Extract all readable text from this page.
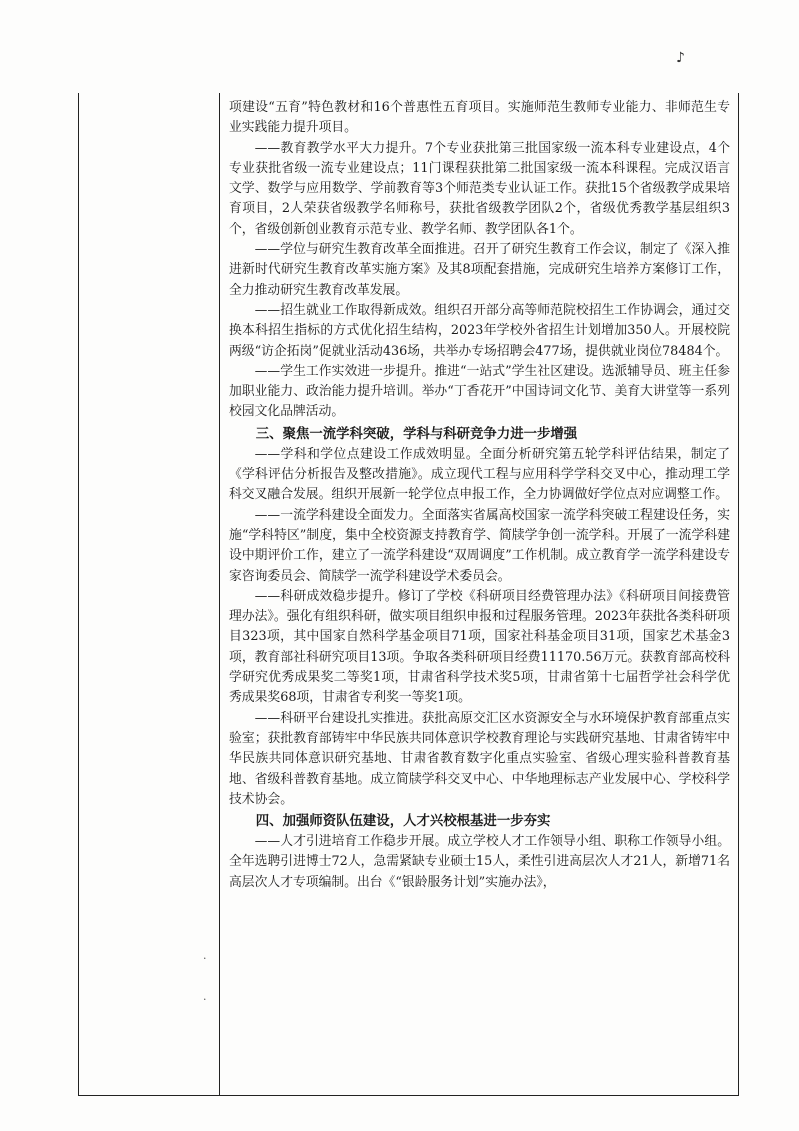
♪
·
·

项建设“五育”特色教材和16个普惠性五育项目。实施师范生教师专业能力、非师范生专业实践能力提升项目。

——教育教学水平大力提升。7个专业获批第三批国家级一流本科专业建设点，4个专业获批省级一流专业建设点；11门课程获批第二批国家级一流本科课程。完成汉语言文学、数学与应用数学、学前教育等3个师范类专业认证工作。获批15个省级教学成果培育项目，2人荣获省级教学名师称号，获批省级教学团队2个，省级优秀教学基层组织3个，省级创新创业教育示范专业、教学名师、教学团队各1个。

——学位与研究生教育改革全面推进。召开了研究生教育工作会议，制定了《深入推进新时代研究生教育改革实施方案》及其8项配套措施，完成研究生培养方案修订工作，全力推动研究生教育改革发展。

——招生就业工作取得新成效。组织召开部分高等师范院校招生工作协调会，通过交换本科招生指标的方式优化招生结构，2023年学校外省招生计划增加350人。开展校院两级“访企拓岗”促就业活动436场，共举办专场招聘会477场，提供就业岗位78484个。

——学生工作实效进一步提升。推进“一站式”学生社区建设。选派辅导员、班主任参加职业能力、政治能力提升培训。举办“丁香花开”中国诗词文化节、美育大讲堂等一系列校园文化品牌活动。

三、聚焦一流学科突破，学科与科研竞争力进一步增强

——学科和学位点建设工作成效明显。全面分析研究第五轮学科评估结果，制定了《学科评估分析报告及整改措施》。成立现代工程与应用科学学科交叉中心，推动理工学科交叉融合发展。组织开展新一轮学位点申报工作，全力协调做好学位点对应调整工作。

——一流学科建设全面发力。全面落实省属高校国家一流学科突破工程建设任务，实施“学科特区”制度，集中全校资源支持教育学、简牍学争创一流学科。开展了一流学科建设中期评价工作，建立了一流学科建设“双周调度”工作机制。成立教育学一流学科建设专家咨询委员会、简牍学一流学科建设学术委员会。

——科研成效稳步提升。修订了学校《科研项目经费管理办法》《科研项目间接费管理办法》。强化有组织科研，做实项目组织申报和过程服务管理。2023年获批各类科研项目323项，其中国家自然科学基金项目71项，国家社科基金项目31项，国家艺术基金3项，教育部社科研究项目13项。争取各类科研项目经费11170.56万元。获教育部高校科学研究优秀成果奖二等奖1项，甘肃省科学技术奖5项，甘肃省第十七届哲学社会科学优秀成果奖68项，甘肃省专利奖一等奖1项。

——科研平台建设扎实推进。获批高原交汇区水资源安全与水环境保护教育部重点实验室；获批教育部铸牢中华民族共同体意识学校教育理论与实践研究基地、甘肃省铸牢中华民族共同体意识研究基地、甘肃省教育数字化重点实验室、省级心理实验科普教育基地、省级科普教育基地。成立简牍学科交叉中心、中华地理标志产业发展中心、学校科学技术协会。

四、加强师资队伍建设，人才兴校根基进一步夯实

——人才引进培育工作稳步开展。成立学校人才工作领导小组、职称工作领导小组。全年选聘引进博士72人，急需紧缺专业硕士15人，柔性引进高层次人才21人，新增71名高层次人才专项编制。出台《“银龄服务计划”实施办法》，
